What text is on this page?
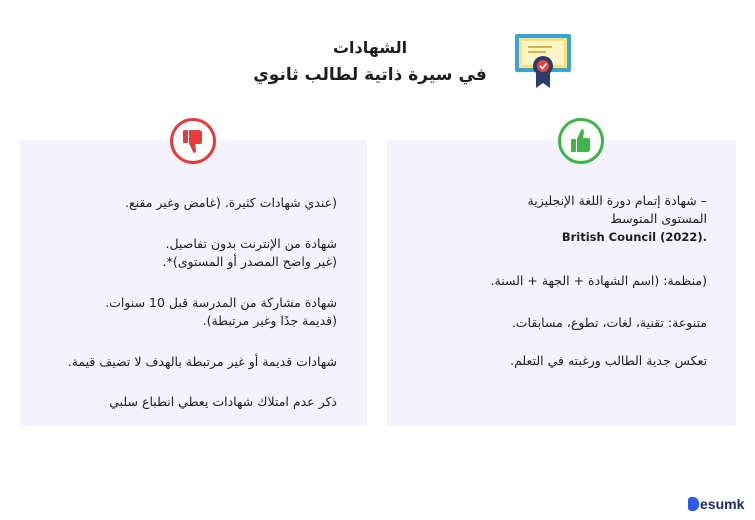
الشهادات
في سيرة ذاتية لطالب ثانوي

(عندي شهادات كثيرة. (غامض وغير مقنع.

شهادة من الإنترنت بدون تفاصيل.

(غير واضح المصدر أو المستوى)*.

شهادة مشاركة من المدرسة قبل 10 سنوات.

(قديمة جدًا وغير مرتبطة).

شهادات قديمة أو غير مرتبطة بالهدف لا تضيف قيمة.

ذكر عدم امتلاك شهادات يعطي انطباع سلبي

– شهادة إتمام دورة اللغة الإنجليزية

المستوى المتوسط

British Council (2022).

(منظمة: (اسم الشهادة + الجهة + السنة.

متنوعة: تقنية، لغات، تطوع، مسابقات.

تعكس جدية الطالب ورغبته في التعلم.

esumk
